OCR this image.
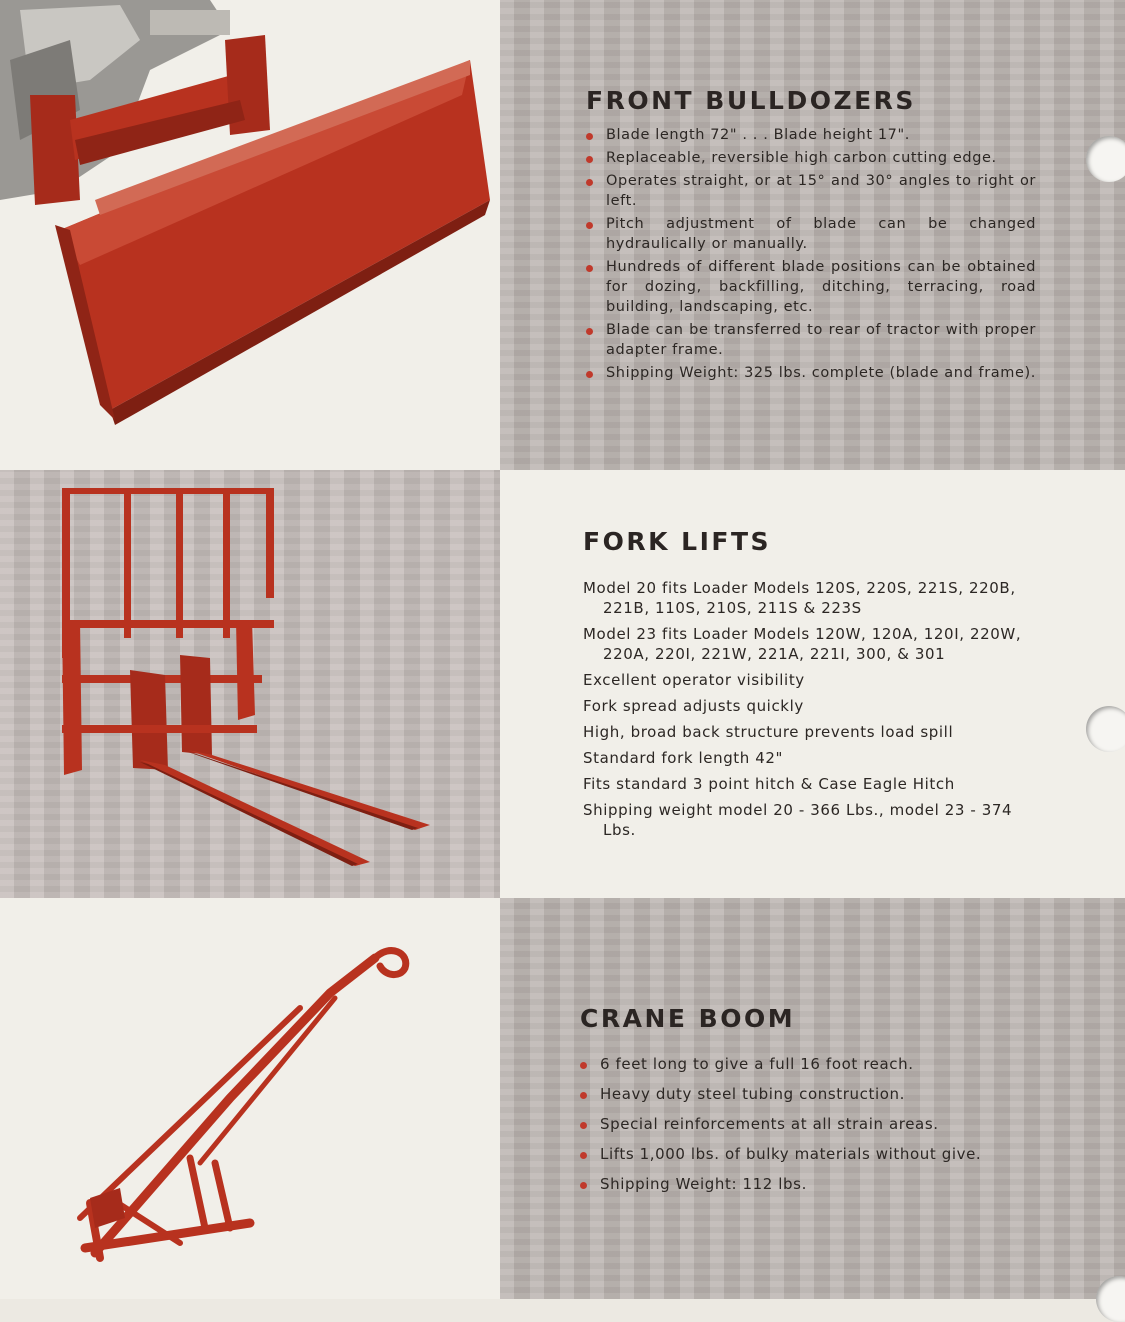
FRONT BULLDOZERS
Blade length 72" . . . Blade height 17".
Replaceable, reversible high carbon cutting edge.
Operates straight, or at 15° and 30° angles to right or left.
Pitch adjustment of blade can be changed hydraulically or manually.
Hundreds of different blade positions can be obtained for dozing, backfilling, ditching, terracing, road building, landscaping, etc.
Blade can be transferred to rear of tractor with proper adapter frame.
Shipping Weight: 325 lbs. complete (blade and frame).
FORK LIFTS
Model 20 fits Loader Models 120S, 220S, 221S, 220B, 221B, 110S, 210S, 211S & 223S
Model 23 fits Loader Models 120W, 120A, 120I, 220W, 220A, 220I, 221W, 221A, 221I, 300, & 301
Excellent operator visibility
Fork spread adjusts quickly
High, broad back structure prevents load spill
Standard fork length 42"
Fits standard 3 point hitch & Case Eagle Hitch
Shipping weight model 20 - 366 Lbs., model 23 - 374 Lbs.
CRANE BOOM
6 feet long to give a full 16 foot reach.
Heavy duty steel tubing construction.
Special reinforcements at all strain areas.
Lifts 1,000 lbs. of bulky materials without give.
Shipping Weight: 112 lbs.
